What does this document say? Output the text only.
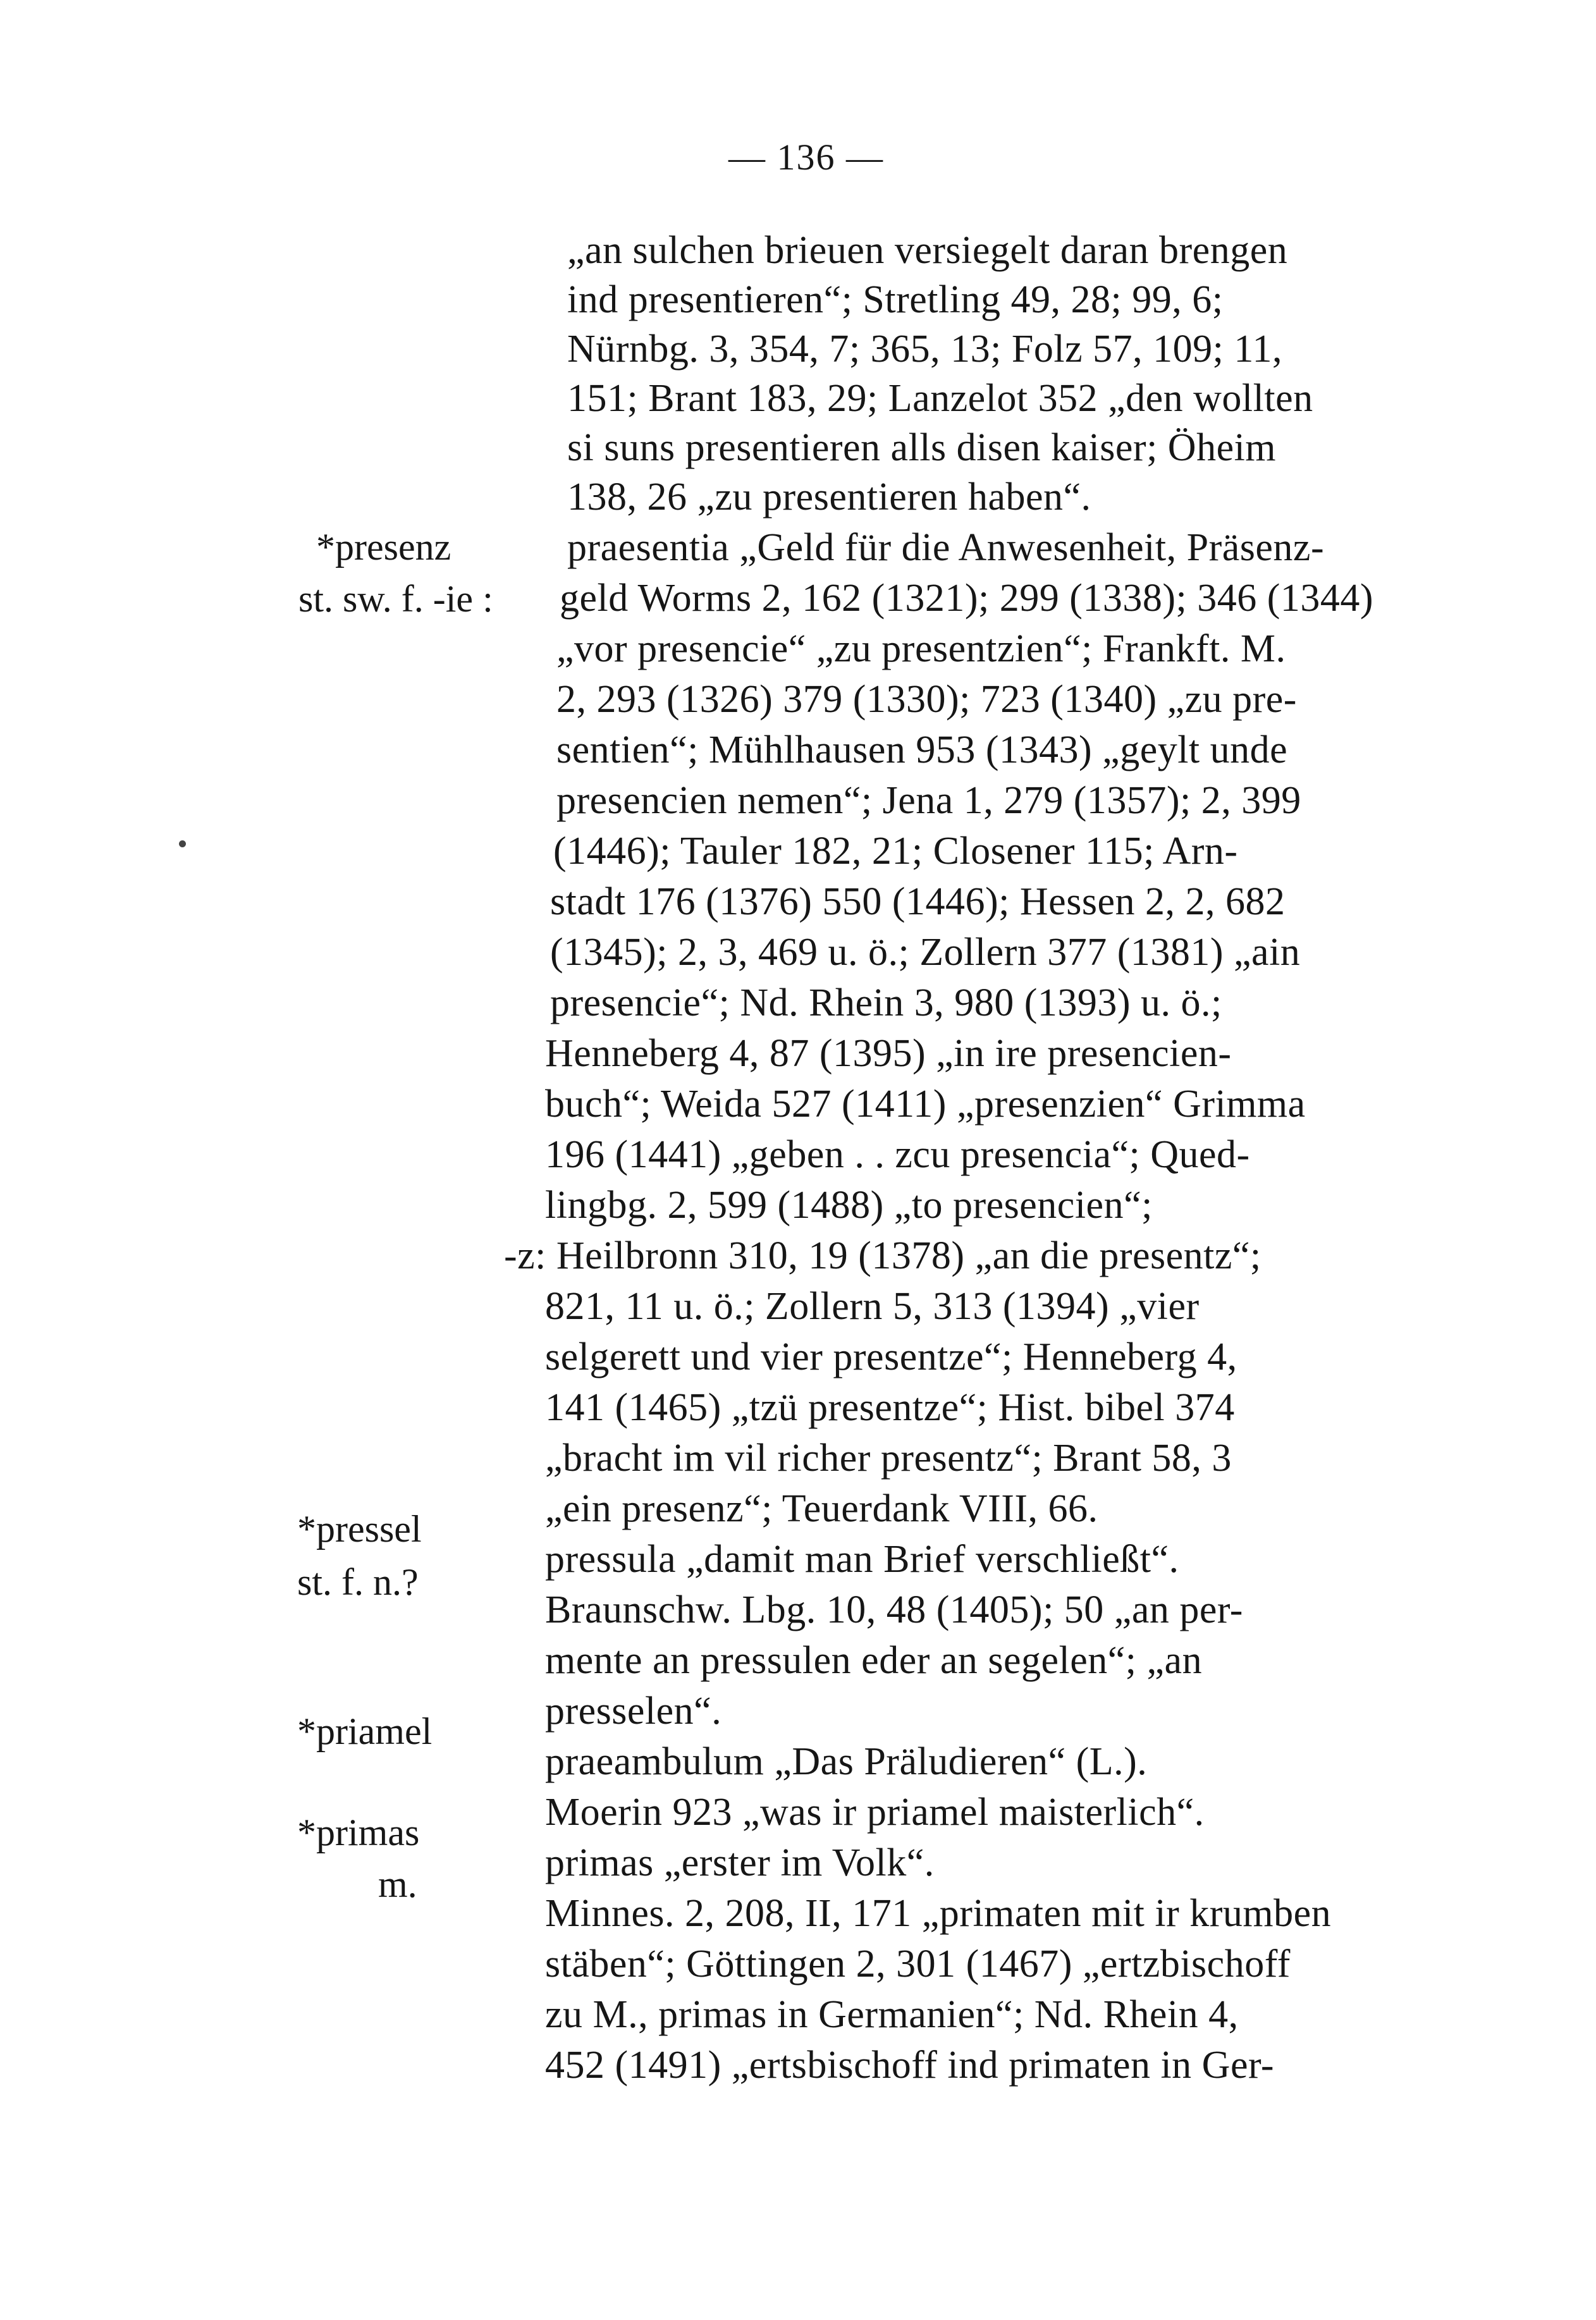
— 136 —
*presenz
st. sw. f. -ie :
*pressel
st. f. n.?
*priamel
*primas
m.
„an sulchen brieuen versiegelt daran brengen
ind presentieren“; Stretling 49, 28; 99, 6;
Nürnbg. 3, 354, 7; 365, 13; Folz 57, 109; 11,
151; Brant 183, 29; Lanzelot 352 „den wollten
si suns presentieren alls disen kaiser; Öheim
138, 26 „zu presentieren haben“.
praesentia „Geld für die Anwesenheit, Präsenz-
geld Worms 2, 162 (1321); 299 (1338); 346 (1344)
„vor presencie“ „zu presentzien“; Frankft. M.
2, 293 (1326) 379 (1330); 723 (1340) „zu pre-
sentien“; Mühlhausen 953 (1343) „geylt unde
presencien nemen“; Jena 1, 279 (1357); 2, 399
(1446); Tauler 182, 21; Closener 115; Arn-
stadt 176 (1376) 550 (1446); Hessen 2, 2, 682
(1345); 2, 3, 469 u. ö.; Zollern 377 (1381) „ain
presencie“; Nd. Rhein 3, 980 (1393) u. ö.;
Henneberg 4, 87 (1395) „in ire presencien-
buch“; Weida 527 (1411) „presenzien“ Grimma
196 (1441) „geben . . zcu presencia“; Qued-
lingbg. 2, 599 (1488) „to presencien“;
-z: Heilbronn 310, 19 (1378) „an die presentz“;
821, 11 u. ö.; Zollern 5, 313 (1394) „vier
selgerett und vier presentze“; Henneberg 4,
141 (1465) „tzü presentze“; Hist. bibel 374
„bracht im vil richer presentz“; Brant 58, 3
„ein presenz“; Teuerdank VIII, 66.
pressula „damit man Brief verschließt“.
Braunschw. Lbg. 10, 48 (1405); 50 „an per-
mente an pressulen eder an segelen“; „an
presselen“.
praeambulum „Das Präludieren“ (L.).
Moerin 923 „was ir priamel maisterlich“.
primas „erster im Volk“.
Minnes. 2, 208, II, 171 „primaten mit ir krumben
stäben“; Göttingen 2, 301 (1467) „ertzbischoff
zu M., primas in Germanien“; Nd. Rhein 4,
452 (1491) „ertsbischoff ind primaten in Ger-
